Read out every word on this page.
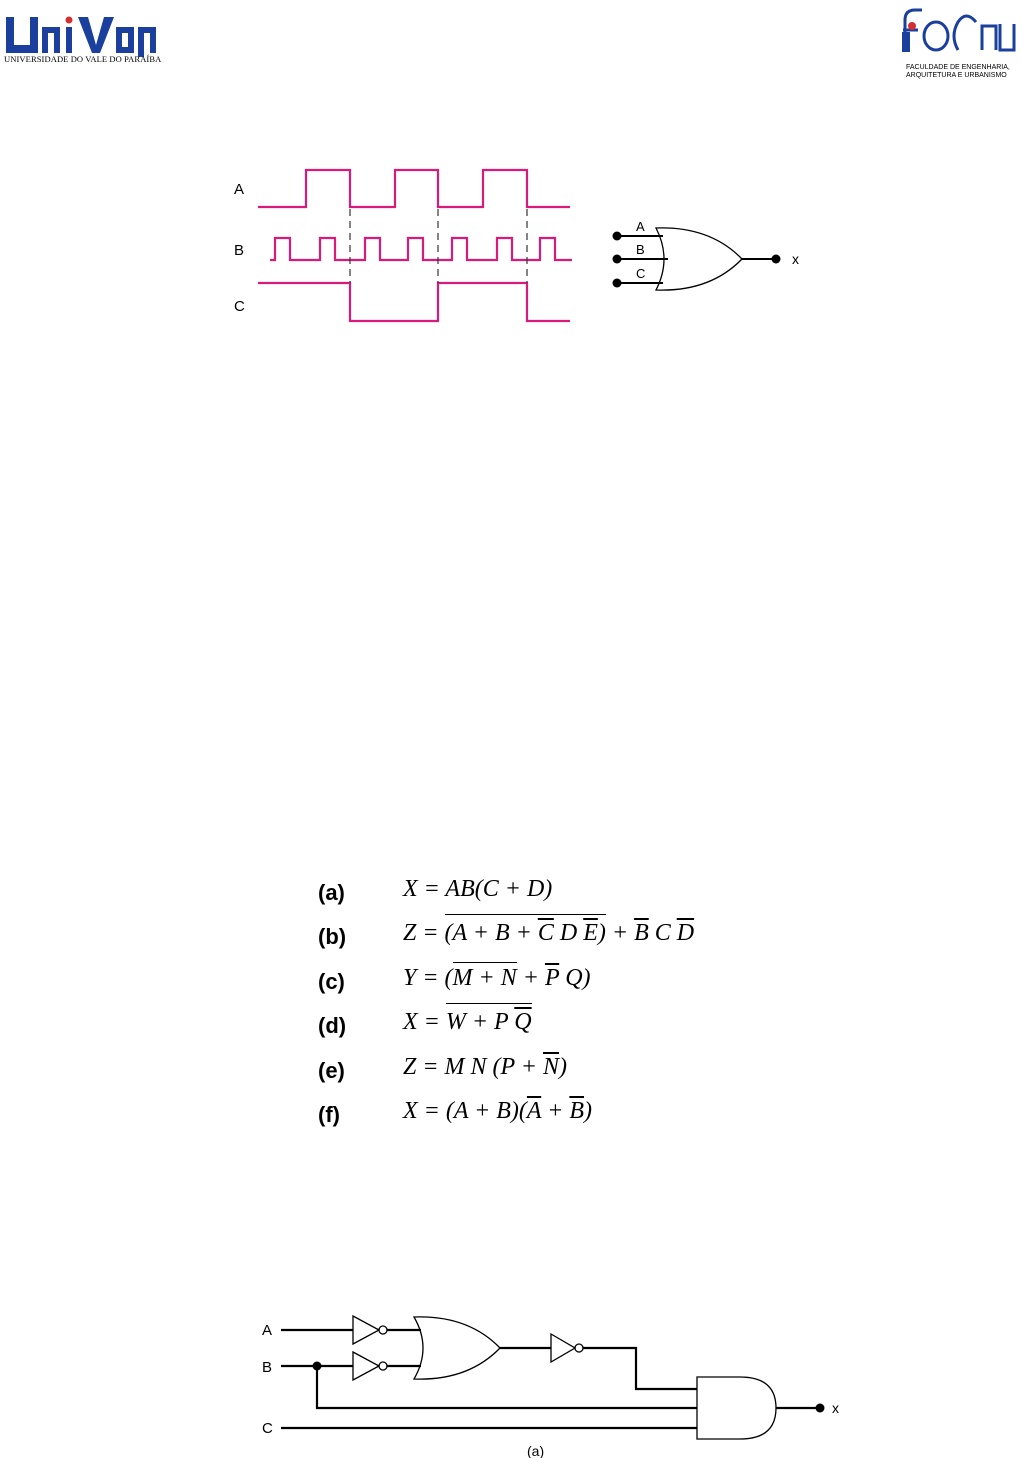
UNIVERSIDADE DO VALE DO PARAÍBA
FACULDADE DE ENGENHARIA,
ARQUITETURA E URBANISMO
A
B
C
A
B
C
x
(a) X = AB(C + D)
(b) $Z = (A + B + \overline{C}$ D $\overline{E}) + \overline{B}$ C $\overline{D}$
(c) $Y = (M + N + \overline{P}$ Q)
(d) X = W + P $\overline{Q}$
(e) Z = M N $(P + \overline{N})$
(f)	$X = (A + B)(\overline{A} + \overline{B})$
A
B
C
x
(a)
